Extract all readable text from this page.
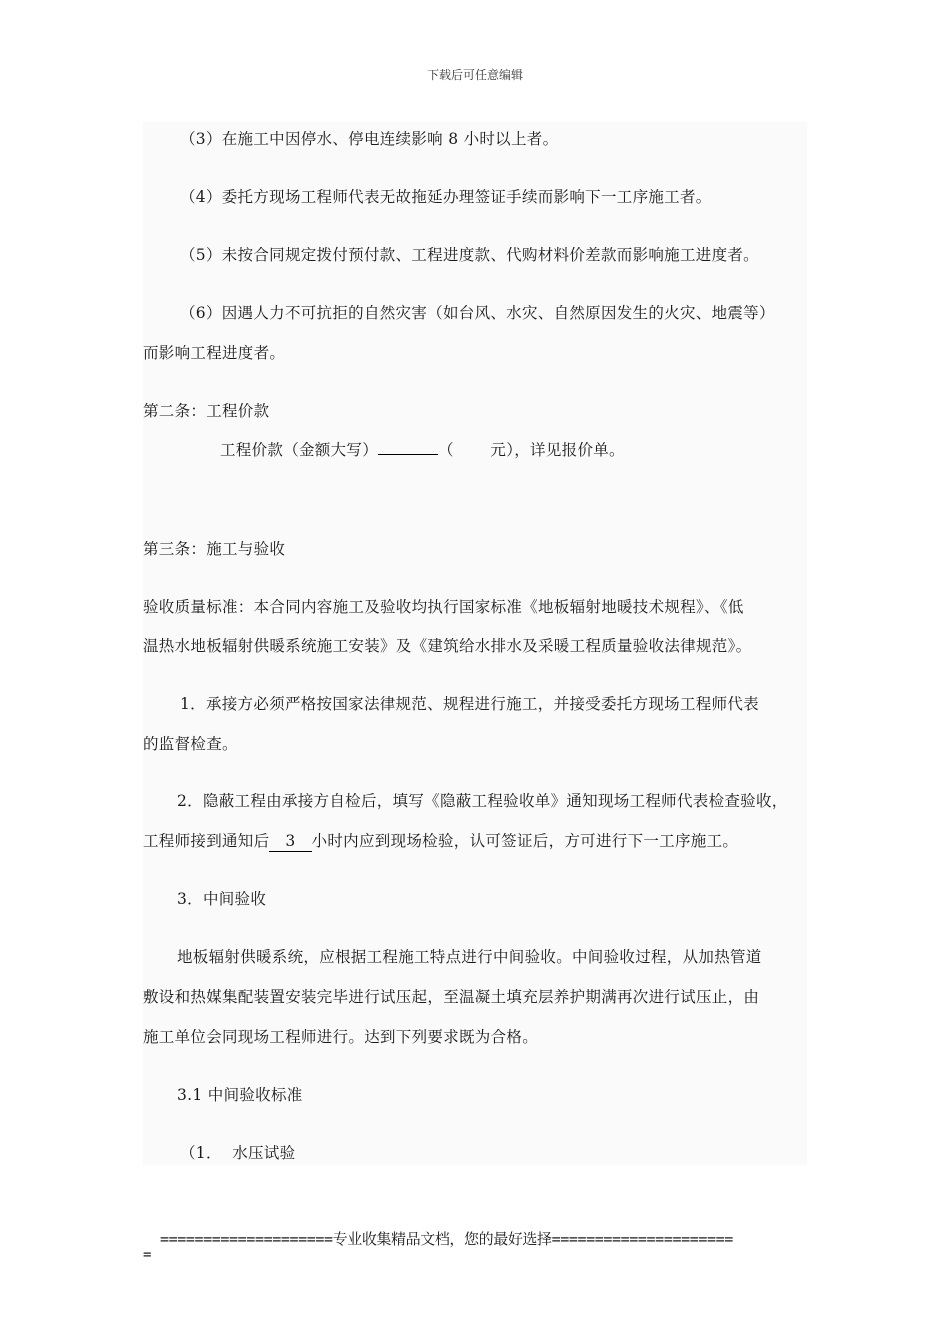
下载后可任意编辑
（3）在施工中因停水、停电连续影响 8 小时以上者。
（4）委托方现场工程师代表无故拖延办理签证手续而影响下一工序施工者。
（5）未按合同规定拨付预付款、工程进度款、代购材料价差款而影响施工进度者。
（6）因遇人力不可抗拒的自然灾害（如台风、水灾、自然原因发生的火灾、地震等）
而影响工程进度者。
第二条：工程价款
工程价款（金额大写）	（       元），详见报价单。
第三条：施工与验收
验收质量标准：本合同内容施工及验收均执行国家标准《地板辐射地暖技术规程》、《低
温热水地板辐射供暖系统施工安装》及《建筑给水排水及采暖工程质量验收法律规范》。
1．承接方必须严格按国家法律规范、规程进行施工，并接受委托方现场工程师代表
的监督检查。
2．隐蔽工程由承接方自检后，填写《隐蔽工程验收单》通知现场工程师代表检查验收，
工程师接到通知后 3 小时内应到现场检验，认可签证后，方可进行下一工序施工。
3．中间验收
地板辐射供暖系统，应根据工程施工特点进行中间验收。中间验收过程，从加热管道
敷设和热媒集配装置安装完毕进行试压起，至温凝土填充层养护期满再次进行试压止，由
施工单位会同现场工程师进行。达到下列要求既为合格。
3.1 中间验收标准
（1．  水压试验
====================专业收集精品文档，您的最好选择=====================
=
